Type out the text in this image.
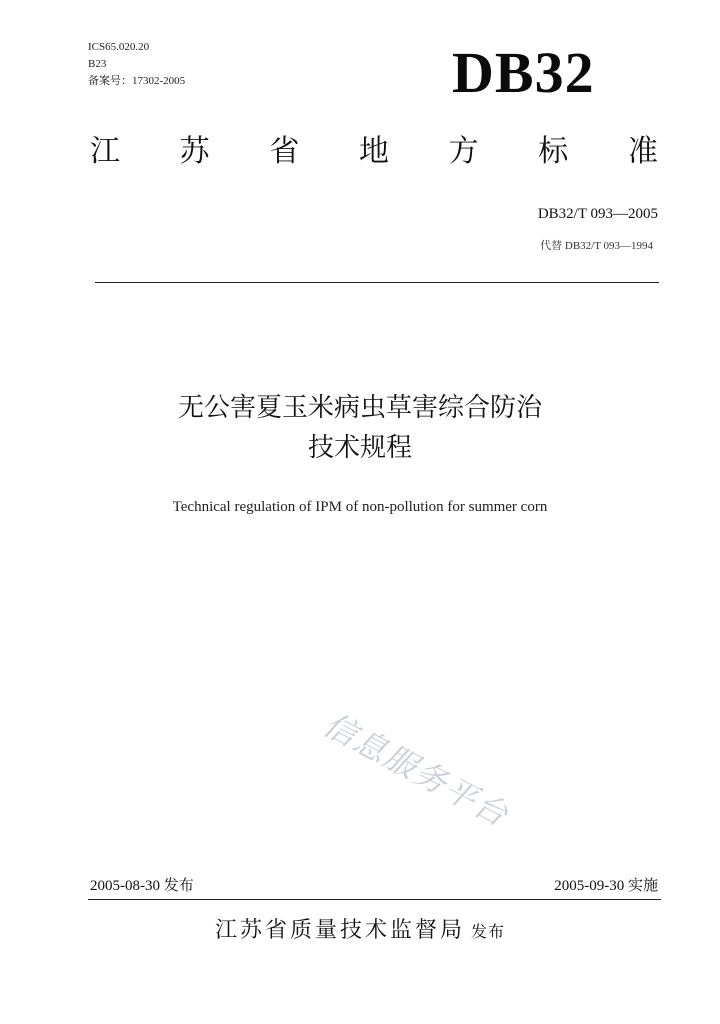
ICS65.020.20
B23
备案号：17302-2005	DB32
江 苏 省 地 方 标 准
DB32/T 093—2005
代替 DB32/T 093—1994
无公害夏玉米病虫草害综合防治
技术规程
Technical regulation of IPM of non-pollution for summer corn
信息服务平台
2005-08-30 发布	2005-09-30 实施
江苏省质量技术监督局 发布
